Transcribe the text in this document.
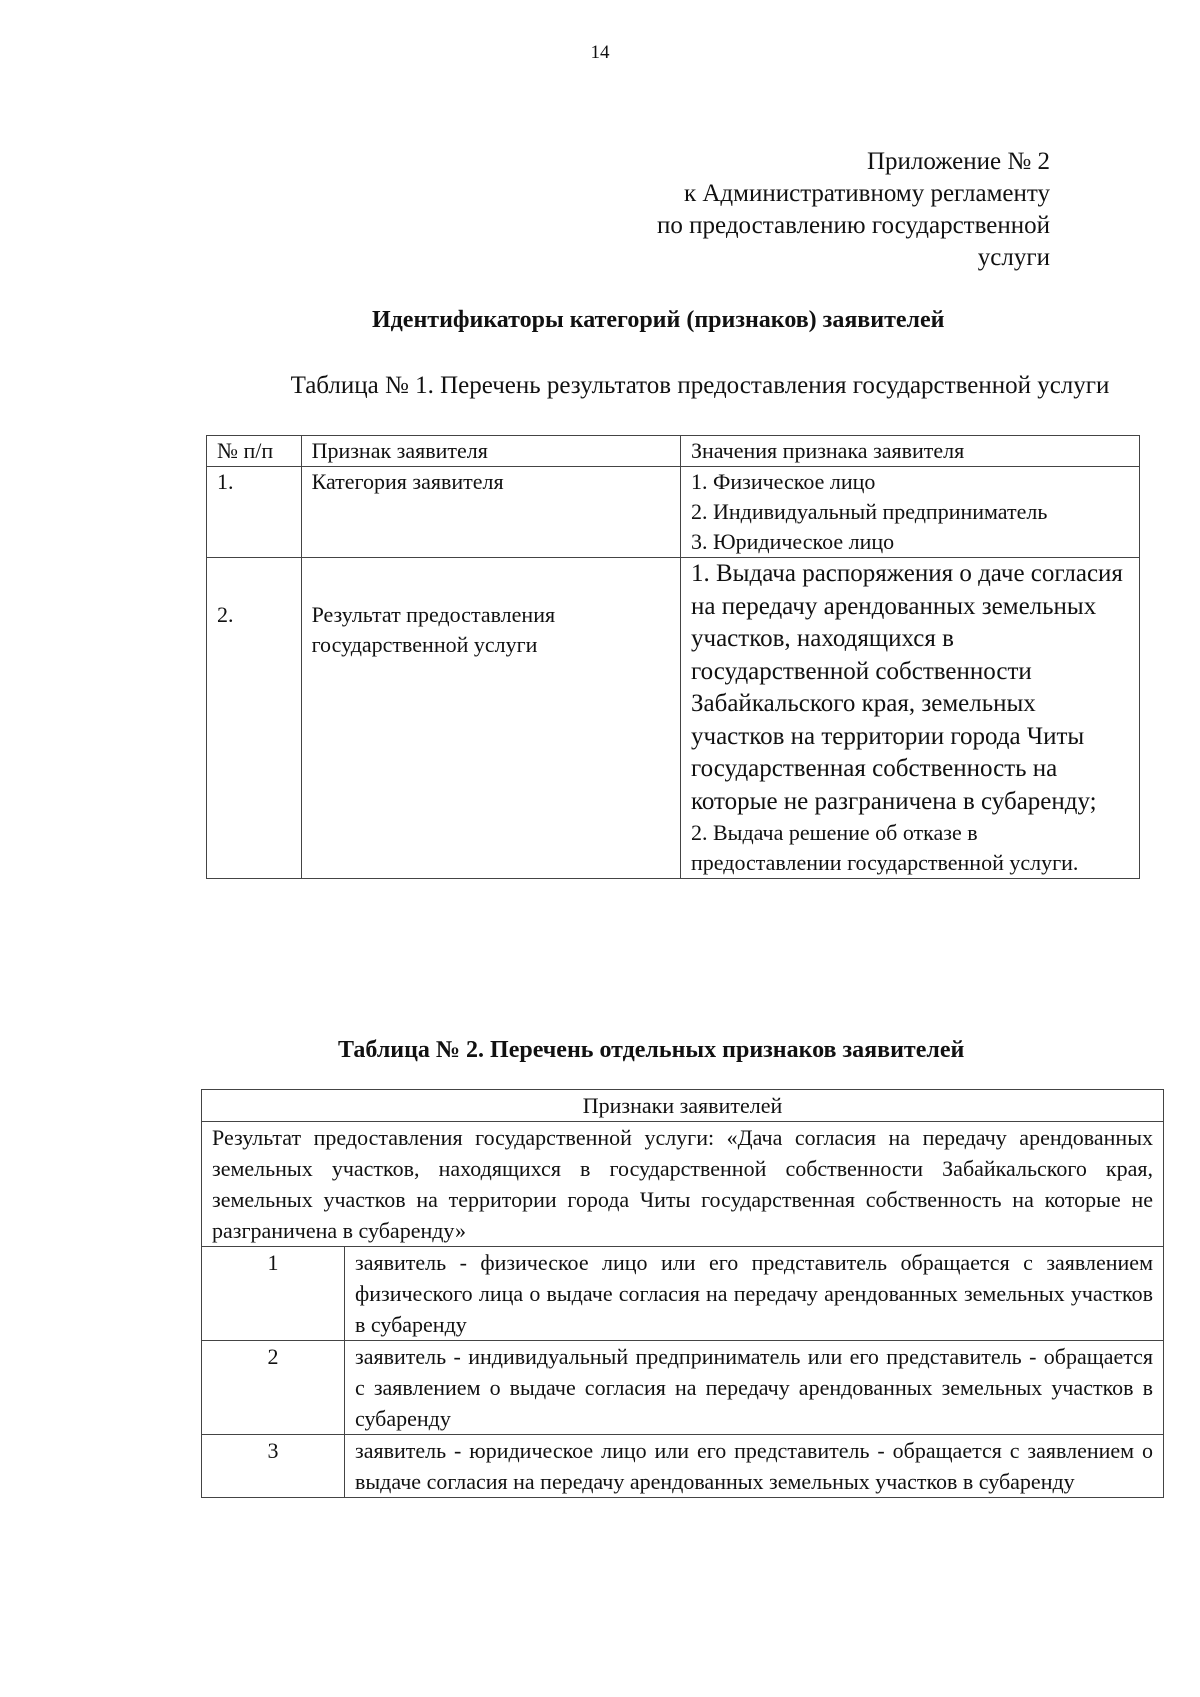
14
Приложение № 2
к Административному регламенту
по предоставлению государственной
услуги
Идентификаторы категорий (признаков) заявителей
Таблица № 1. Перечень результатов предоставления государственной услуги
№ п/п	Признак заявителя	Значения признака заявителя
1.	Категория заявителя	1. Физическое лицо
2. Индивидуальный предприниматель
3. Юридическое лицо

2.	Результат предоставления государственной услуги	1. Выдача распоряжения о даче согласия на передачу арендованных земельных участков, находящихся в государственной собственности Забайкальского края, земельных участков на территории города Читы государственная собственность на которые не разграничена в субаренду;
2. Выдача решение об отказе в предоставлении государственной услуги.
Таблица № 2. Перечень отдельных признаков заявителей
Признаки заявителей	
Результат предоставления государственной услуги: «Дача согласия на передачу арендованных земельных участков, находящихся в государственной собственности Забайкальского края, земельных участков на территории города Читы государственная собственность на которые не разграничена в субаренду»	
1	заявитель - физическое лицо или его представитель обращается с заявлением физического лица о выдаче согласия на передачу арендованных земельных участков в субаренду
2	заявитель - индивидуальный предприниматель или его представитель - обращается с заявлением о выдаче согласия на передачу арендованных земельных участков в субаренду
3	заявитель - юридическое лицо или его представитель - обращается с заявлением о выдаче согласия на передачу арендованных земельных участков в субаренду
